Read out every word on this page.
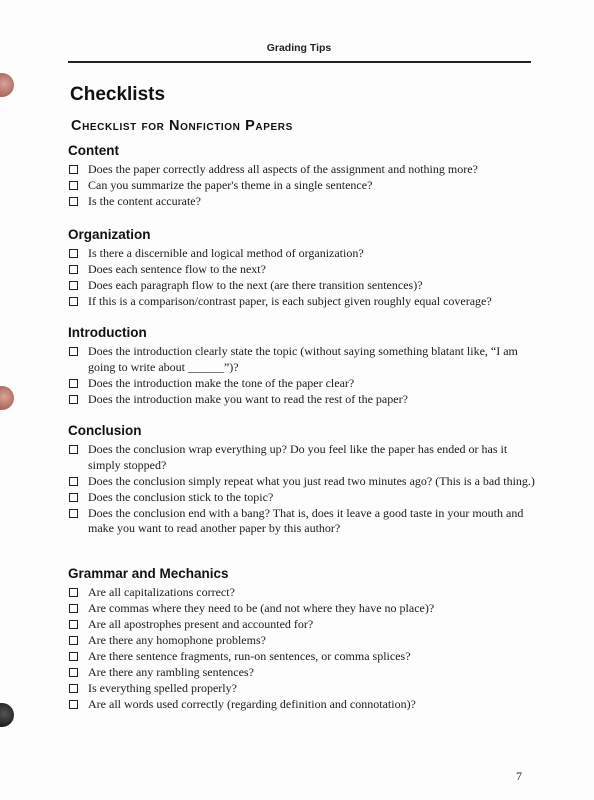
Grading Tips
Checklists
Checklist for Nonfiction Papers
Content
Does the paper correctly address all aspects of the assignment and nothing more?
Can you summarize the paper's theme in a single sentence?
Is the content accurate?
Organization
Is there a discernible and logical method of organization?
Does each sentence flow to the next?
Does each paragraph flow to the next (are there transition sentences)?
If this is a comparison/contrast paper, is each subject given roughly equal coverage?
Introduction
Does the introduction clearly state the topic (without saying something blatant like, “I am going to write about ______”)?
Does the introduction make the tone of the paper clear?
Does the introduction make you want to read the rest of the paper?
Conclusion
Does the conclusion wrap everything up? Do you feel like the paper has ended or has it simply stopped?
Does the conclusion simply repeat what you just read two minutes ago? (This is a bad thing.)
Does the conclusion stick to the topic?
Does the conclusion end with a bang? That is, does it leave a good taste in your mouth and make you want to read another paper by this author?
Grammar and Mechanics
Are all capitalizations correct?
Are commas where they need to be (and not where they have no place)?
Are all apostrophes present and accounted for?
Are there any homophone problems?
Are there sentence fragments, run-on sentences, or comma splices?
Are there any rambling sentences?
Is everything spelled properly?
Are all words used correctly (regarding definition and connotation)?
7
